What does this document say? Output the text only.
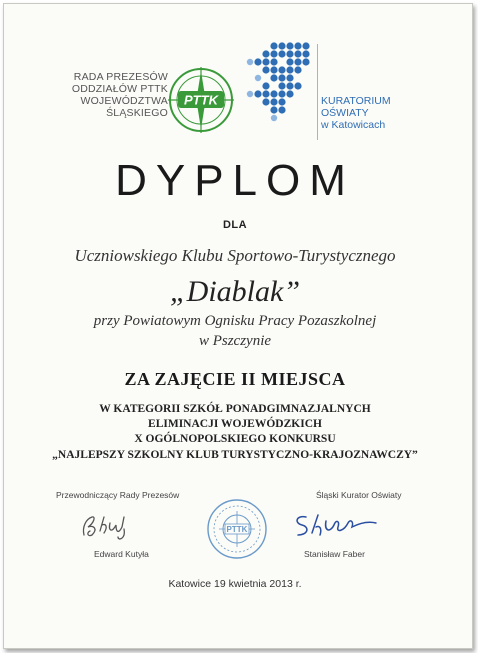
RADA PREZESÓW
ODDZIAŁÓW PTTK
WOJEWÓDZTWA
ŚLĄSKIEGO
PTTK	KURATORIUM
OŚWIATY
w Katowicach
DYPLOM
DLA
Uczniowskiego Klubu Sportowo-Turystycznego
„Diablak”
przy Powiatowym Ognisku Pracy Pozaszkolnej
w Pszczynie
ZA ZAJĘCIE II MIEJSCA
W KATEGORII SZKÓŁ PONADGIMNAZJALNYCH
ELIMINACJI WOJEWÓDZKICH
X OGÓLNOPOLSKIEGO KONKURSU
„NAJLEPSZY SZKOLNY KLUB TURYSTYCZNO-KRAJOZNAWCZY”
Przewodniczący Rady Prezesów
Edward Kutyła
PTTK
Śląski Kurator Oświaty
Stanisław Faber
Katowice 19 kwietnia 2013 r.
